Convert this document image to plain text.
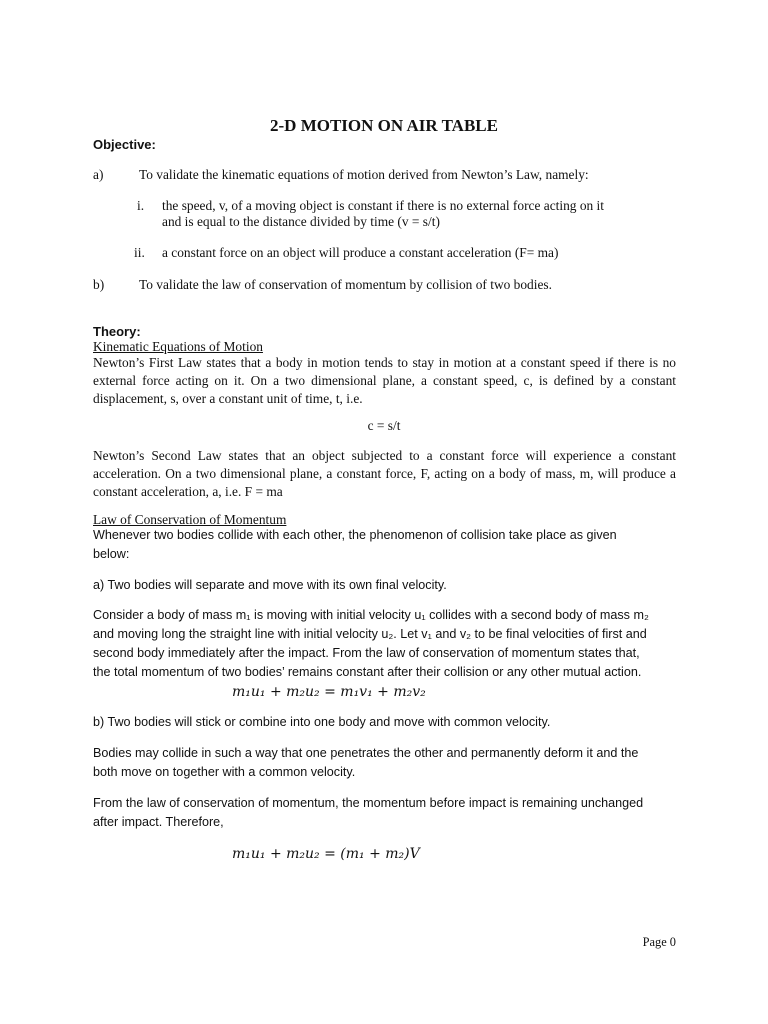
2-D MOTION ON AIR TABLE
Objective:
a)	To validate the kinematic equations of motion derived from Newton’s Law, namely:
i. the speed, v, of a moving object is constant if there is no external force acting on it
and is equal to the distance divided by time (v = s/t)
ii. a constant force on an object will produce a constant acceleration (F= ma)
b)	To validate the law of conservation of momentum by collision of two bodies.
Theory:
Kinematic Equations of Motion

Newton’s First Law states that a body in motion tends to stay in motion at a constant speed if there is no external force acting on it. On a two dimensional plane, a constant speed, c, is defined by a constant displacement, s, over a constant unit of time, t, i.e.

c = s/t

Newton’s Second Law states that an object subjected to a constant force will experience a constant acceleration. On a two dimensional plane, a constant force, F, acting on a body of mass, m, will produce a constant acceleration, a, i.e. F = ma

Law of Conservation of Momentum
Whenever two bodies collide with each other, the phenomenon of collision take place as given
below:
a) Two bodies will separate and move with its own final velocity.
Consider a body of mass m₁ is moving with initial velocity u₁ collides with a second body of mass m₂
and moving long the straight line with initial velocity u₂. Let v₁ and v₂ to be final velocities of first and
second body immediately after the impact. From the law of conservation of momentum states that,
the total momentum of two bodies’ remains constant after their collision or any other mutual action.
m₁u₁ + m₂u₂ = m₁v₁ + m₂v₂
b) Two bodies will stick or combine into one body and move with common velocity.
Bodies may collide in such a way that one penetrates the other and permanently deform it and the
both move on together with a common velocity.
From the law of conservation of momentum, the momentum before impact is remaining unchanged
after impact. Therefore,
m₁u₁ + m₂u₂ = (m₁ + m₂)V
Page 0
